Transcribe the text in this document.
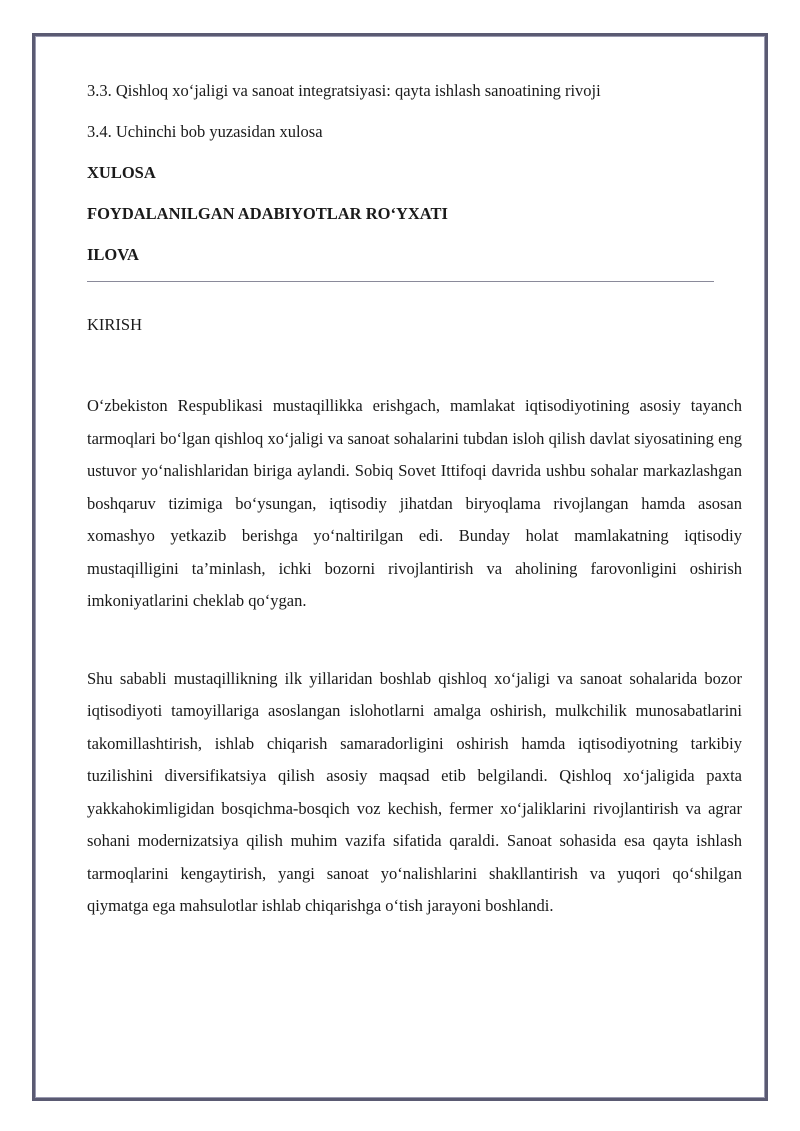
3.3. Qishloq xo‘jaligi va sanoat integratsiyasi: qayta ishlash sanoatining rivoji
3.4. Uchinchi bob yuzasidan xulosa
XULOSA
FOYDALANILGAN ADABIYOTLAR RO‘YXATI
ILOVA
KIRISH

O‘zbekiston Respublikasi mustaqillikka erishgach, mamlakat iqtisodiyotining asosiy tayanch tarmoqlari bo‘lgan qishloq xo‘jaligi va sanoat sohalarini tubdan isloh qilish davlat siyosatining eng ustuvor yo‘nalishlaridan biriga aylandi. Sobiq Sovet Ittifoqi davrida ushbu sohalar markazlashgan boshqaruv tizimiga bo‘ysungan, iqtisodiy jihatdan biryoqlama rivojlangan hamda asosan xomashyo yetkazib berishga yo‘naltirilgan edi. Bunday holat mamlakatning iqtisodiy mustaqilligini ta’minlash, ichki bozorni rivojlantirish va aholining farovonligini oshirish imkoniyatlarini cheklab qo‘ygan.

Shu sababli mustaqillikning ilk yillaridan boshlab qishloq xo‘jaligi va sanoat sohalarida bozor iqtisodiyoti tamoyillariga asoslangan islohotlarni amalga oshirish, mulkchilik munosabatlarini takomillashtirish, ishlab chiqarish samaradorligini oshirish hamda iqtisodiyotning tarkibiy tuzilishini diversifikatsiya qilish asosiy maqsad etib belgilandi. Qishloq xo‘jaligida paxta yakkahokimligidan bosqichma-bosqich voz kechish, fermer xo‘jaliklarini rivojlantirish va agrar sohani modernizatsiya qilish muhim vazifa sifatida qaraldi. Sanoat sohasida esa qayta ishlash tarmoqlarini kengaytirish, yangi sanoat yo‘nalishlarini shakllantirish va yuqori qo‘shilgan qiymatga ega mahsulotlar ishlab chiqarishga o‘tish jarayoni boshlandi.
